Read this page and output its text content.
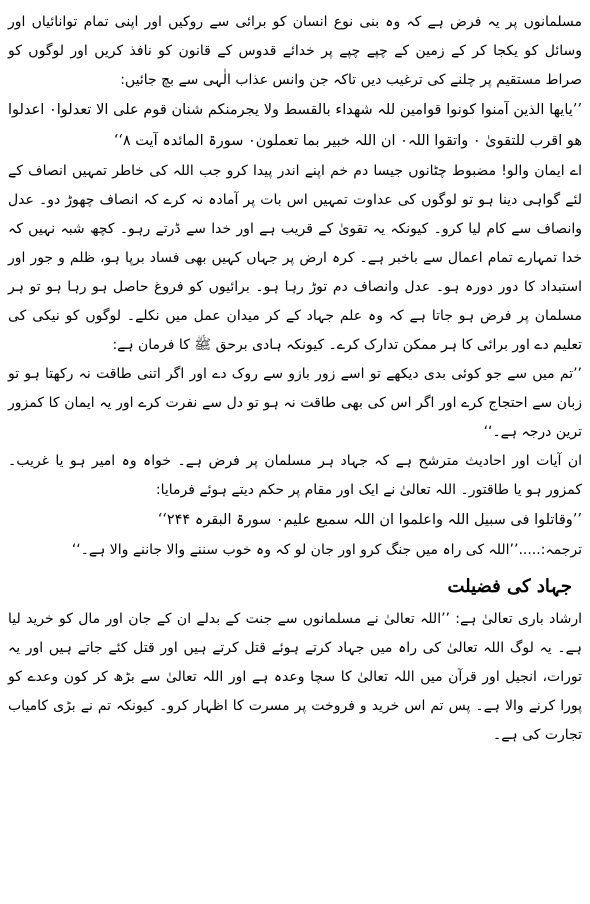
مسلمانوں پر یہ فرض ہے کہ وہ بنی نوع انسان کو برائی سے روکیں اور اپنی تمام توانائیاں اور وسائل کو یکجا کر کے زمین کے چپے چپے پر خدائے قدوس کے قانون کو نافذ کریں اور لوگوں کو صراط مستقیم پر چلنے کی ترغیب دیں تاکہ جن وانس عذاب الٰہی سے بچ جائیں:

’’یایھا الذین آمنوا کونوا قوامین للہ شھداء بالقسط ولا یجرمنکم شنان قوم علی الا تعدلوا۰ اعدلوا ھو اقرب للتقویٰ ۰ واتقوا اللہ۰ ان اللہ خبیر بما تعملون۰ سورۃ المائدہ آیت ۸‘‘

اے ایمان والو! مضبوط چٹانوں جیسا دم خم اپنے اندر پیدا کرو جب اللہ کی خاطر تمہیں انصاف کے لئے گواہی دینا ہو تو لوگوں کی عداوت تمہیں اس بات پر آمادہ نہ کرے کہ انصاف چھوڑ دو۔ عدل وانصاف سے کام لیا کرو۔ کیونکہ یہ تقویٰ کے قریب ہے اور خدا سے ڈرتے رہو۔ کچھ شبہ نہیں کہ خدا تمہارے تمام اعمال سے باخبر ہے۔ کرہ ارض پر جہاں کہیں بھی فساد برپا ہو، ظلم و جور اور استبداد کا دور دورہ ہو۔ عدل وانصاف دم توڑ رہا ہو۔ برائیوں کو فروغ حاصل ہو رہا ہو تو ہر مسلمان پر فرض ہو جاتا ہے کہ وہ علم جہاد کے کر میدان عمل میں نکلے۔ لوگوں کو نیکی کی تعلیم دے اور برائی کا ہر ممکن تدارک کرے۔ کیونکہ ہادی برحق ﷺ کا فرمان ہے:

’’تم میں سے جو کوئی بدی دیکھے تو اسے زور بازو سے روک دے اور اگر اتنی طاقت نہ رکھتا ہو تو زبان سے احتجاج کرے اور اگر اس کی بھی طاقت نہ ہو تو دل سے نفرت کرے اور یہ ایمان کا کمزور ترین درجہ ہے۔‘‘

ان آیات اور احادیث مترشح ہے کہ جہاد ہر مسلمان پر فرض ہے۔ خواہ وہ امیر ہو یا غریب۔ کمزور ہو یا طاقتور۔ اللہ تعالیٰ نے ایک اور مقام پر حکم دیتے ہوئے فرمایا:

’’وقاتلوا فی سبیل اللہ واعلموا ان اللہ سمیع علیم۰ سورۃ البقرہ ۲۴۴‘‘

ترجمہ:.....’’اللہ کی راہ میں جنگ کرو اور جان لو کہ وہ خوب سننے والا جاننے والا ہے۔‘‘

جہاد کی فضیلت

ارشاد باری تعالیٰ ہے: ’’اللہ تعالیٰ نے مسلمانوں سے جنت کے بدلے ان کے جان اور مال کو خرید لیا ہے۔ یہ لوگ اللہ تعالیٰ کی راہ میں جہاد کرتے ہوئے قتل کرتے ہیں اور قتل کئے جاتے ہیں اور یہ تورات، انجیل اور قرآن میں اللہ تعالیٰ کا سچا وعدہ ہے اور اللہ تعالیٰ سے بڑھ کر کون وعدے کو پورا کرنے والا ہے۔ پس تم اس خرید و فروخت پر مسرت کا اظہار کرو۔ کیونکہ تم نے بڑی کامیاب تجارت کی ہے۔
